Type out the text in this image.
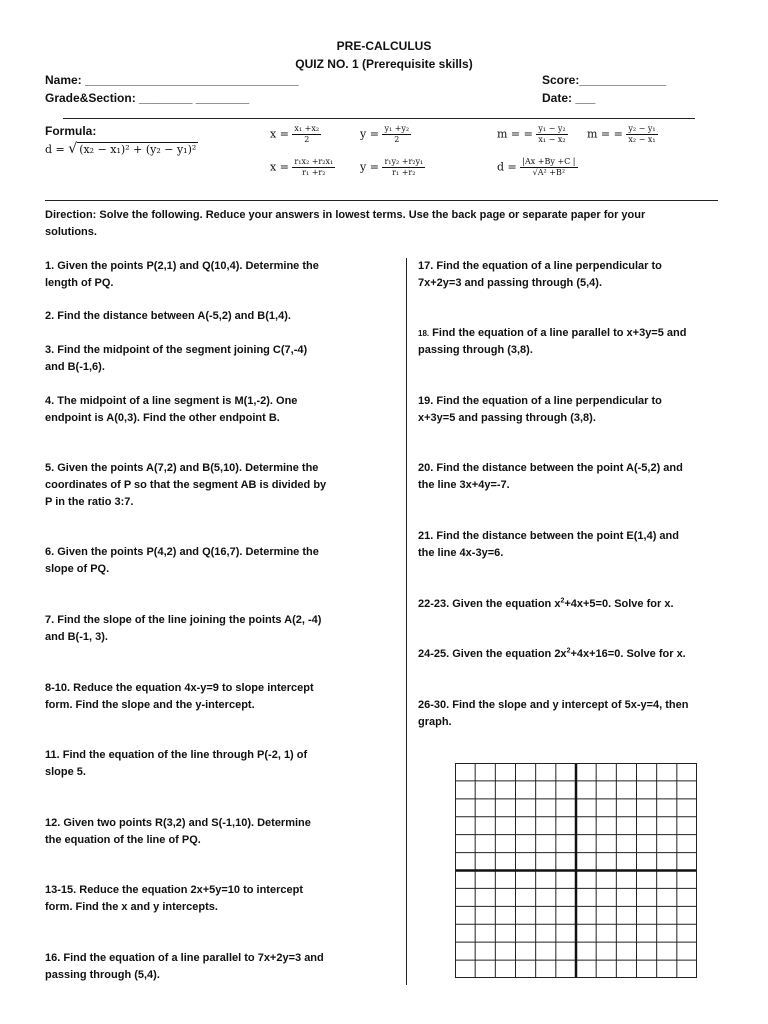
PRE-CALCULUS
QUIZ NO. 1 (Prerequisite skills)
Name: ________________________________	Score:_____________
Grade&Section: ________ ________	Date: ___
Formula:
d = √ (x₂ − x₁)² + (y₂ − y₁)²
$x = \frac{\text{x₁ +x₂}}{2}$	$y = \frac{\text{y₁ +y₂}}{2}$	m = = $\frac{\text{y₁ − y₂}}{\text{x₁ − x₂}}$ m = = $\frac{\text{y₂ − y₁}}{\text{x₂ − x₁}}$
$x = \frac{\text{r₁x₂ +r₂x₁}}{\text{r₁ +r₂}}$ $y = \frac{\text{r₁y₂ +r₂y₁}}{\text{r₁ +r₂}}$	$d = \frac{|Ax +By +C |}{\text{√A² +B²}}$
Direction: Solve the following. Reduce your answers in lowest terms. Use the back page or separate paper for your
solutions.
1. Given the points P(2,1) and Q(10,4). Determine the
length of PQ.
2. Find the distance between A(-5,2) and B(1,4).
3. Find the midpoint of the segment joining C(7,-4)
and B(-1,6).
4. The midpoint of a line segment is M(1,-2). One
endpoint is A(0,3). Find the other endpoint B.
5. Given the points A(7,2) and B(5,10). Determine the
coordinates of P so that the segment AB is divided by
P in the ratio 3:7.
6. Given the points P(4,2) and Q(16,7). Determine the
slope of PQ.
7. Find the slope of the line joining the points A(2, -4)
and B(-1, 3).
8-10. Reduce the equation 4x-y=9 to slope intercept
form. Find the slope and the y-intercept.
11. Find the equation of the line through P(-2, 1) of
slope 5.
12. Given two points R(3,2) and S(-1,10). Determine
the equation of the line of PQ.
13-15. Reduce the equation 2x+5y=10 to intercept
form. Find the x and y intercepts.
16. Find the equation of a line parallel to 7x+2y=3 and
passing through (5,4).
17. Find the equation of a line perpendicular to
7x+2y=3 and passing through (5,4).
18. Find the equation of a line parallel to x+3y=5 and
passing through (3,8).
19. Find the equation of a line perpendicular to
x+3y=5 and passing through (3,8).
20. Find the distance between the point A(-5,2) and
the line 3x+4y=-7.
21. Find the distance between the point E(1,4) and
the line 4x-3y=6.
22-23. Given the equation $x^2+4x+5=0$. Solve for x.
24-25. Given the equation $2x^2+4x+16=0$. Solve for x.
26-30. Find the slope and y intercept of 5x-y=4, then
graph.
